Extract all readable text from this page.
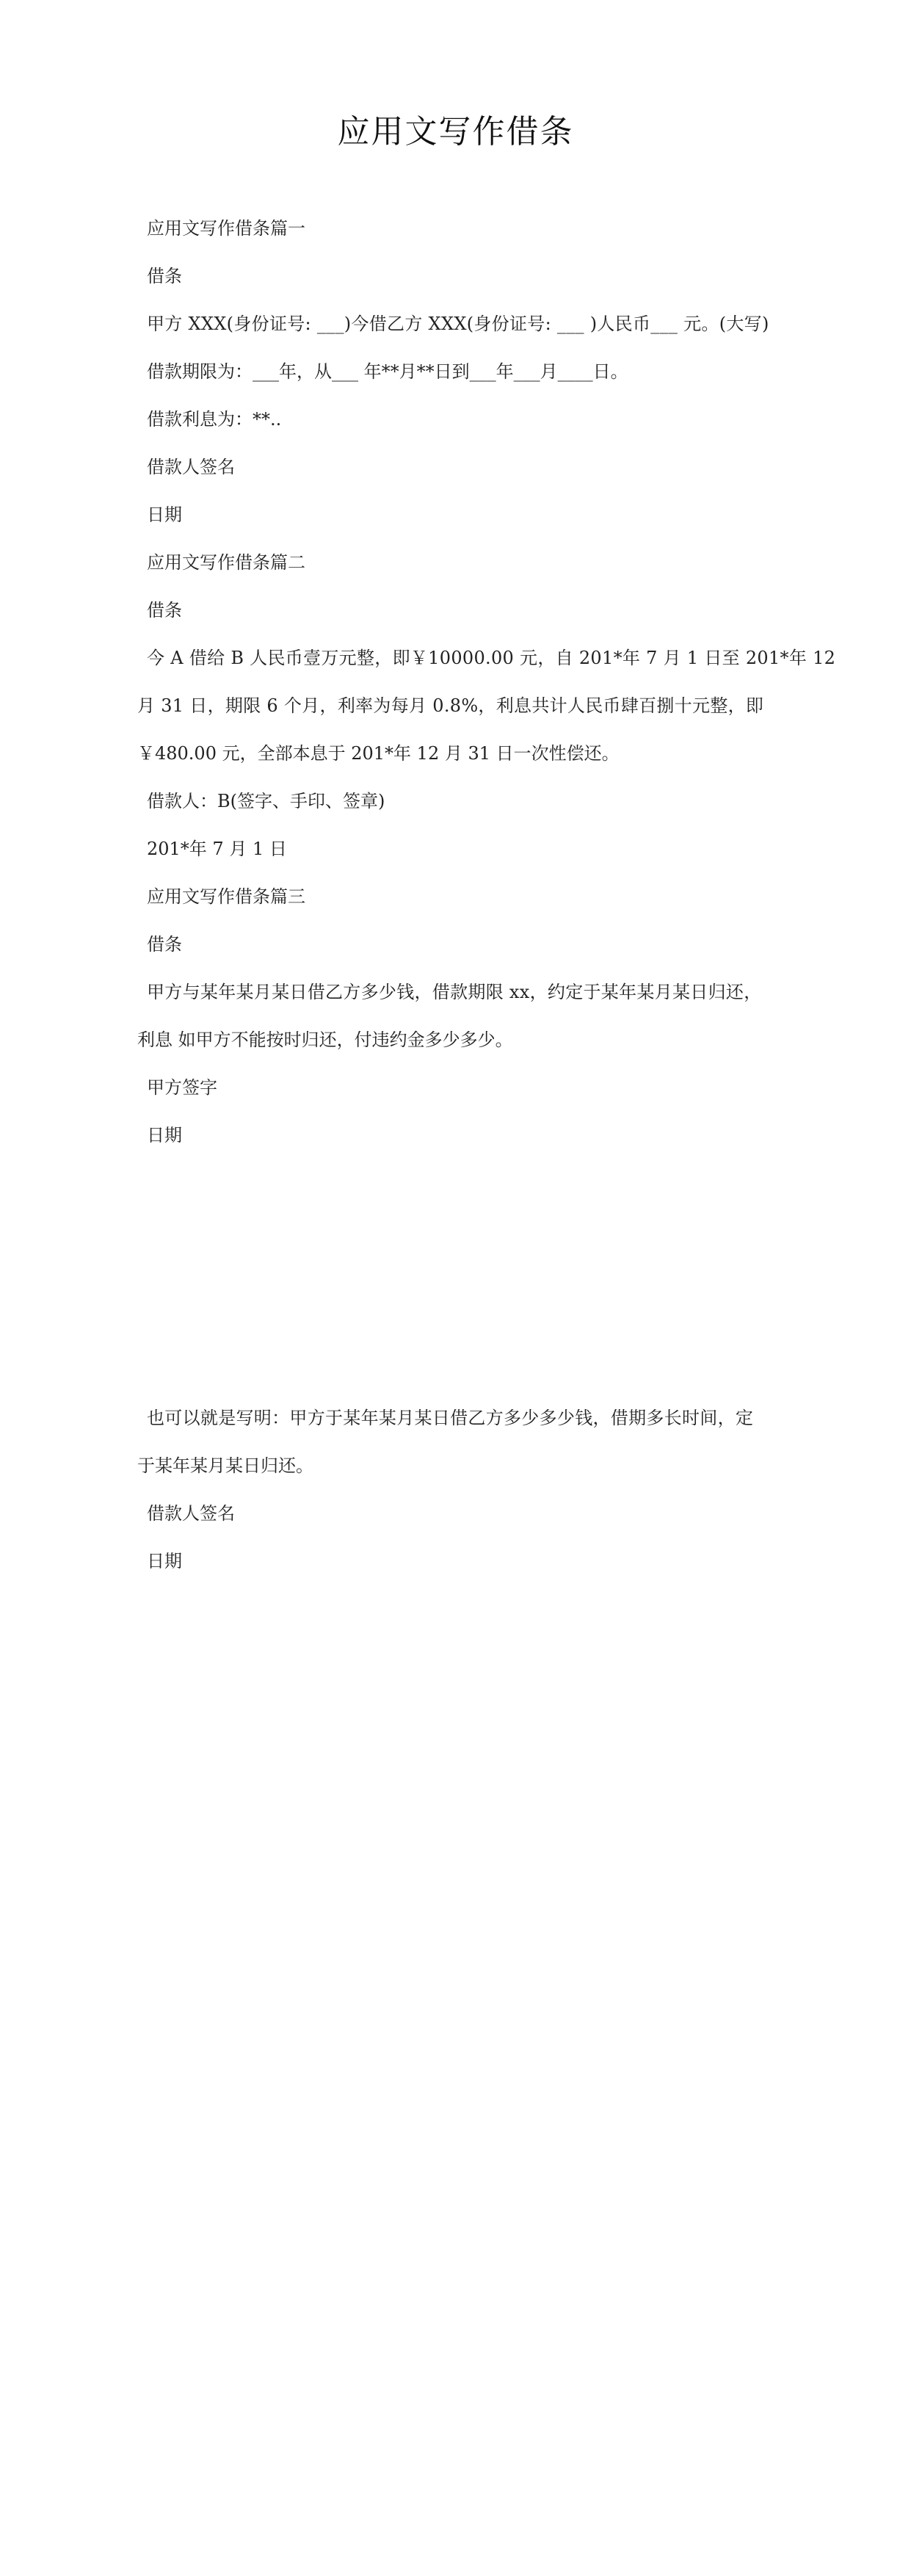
应用文写作借条
应用文写作借条篇一
借条
甲方 XXX(身份证号: ___)今借乙方 XXX(身份证号: ___ )人民币___ 元。(大写)
借款期限为：___年，从___ 年**月**日到___年___月____日。
借款利息为：**..
借款人签名
日期
应用文写作借条篇二
借条
今 A 借给 B 人民币壹万元整，即￥10000.00 元，自 201*年 7 月 1 日至 201*年 12
月 31 日，期限 6 个月，利率为每月 0.8%，利息共计人民币肆百捌十元整，即
￥480.00 元，全部本息于 201*年 12 月 31 日一次性偿还。
借款人：B(签字、手印、签章)
201*年 7 月 1 日
应用文写作借条篇三
借条
甲方与某年某月某日借乙方多少钱，借款期限 xx，约定于某年某月某日归还，
利息 如甲方不能按时归还，付违约金多少多少。
甲方签字
日期
也可以就是写明：甲方于某年某月某日借乙方多少多少钱，借期多长时间，定
于某年某月某日归还。
借款人签名
日期
